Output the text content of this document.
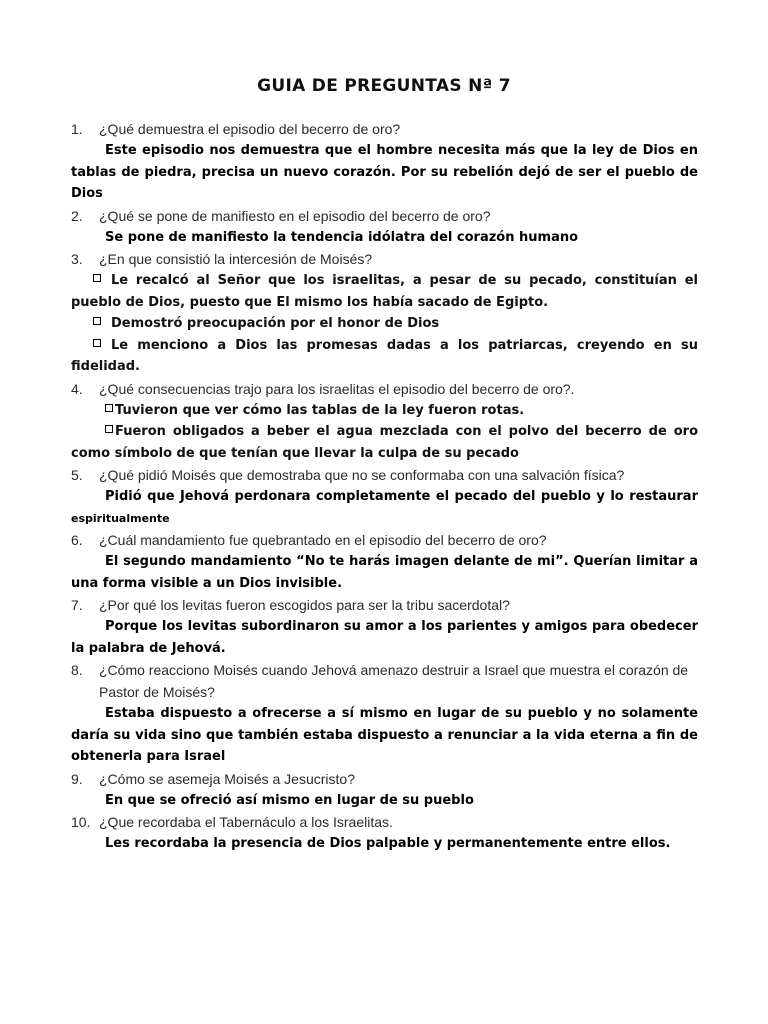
GUIA DE PREGUNTAS Nª 7
1. ¿Qué demuestra el episodio del becerro de oro?
Este episodio nos demuestra que el hombre necesita más que la ley de Dios en tablas de piedra, precisa un nuevo corazón. Por su rebelión dejó de ser el pueblo de Dios
2. ¿Qué se pone de manifiesto en el episodio del becerro de oro?
Se pone de manifiesto la tendencia idólatra del corazón humano
3. ¿En que consistió la intercesión de Moisés?
Le recalcó al Señor que los israelitas, a pesar de su pecado, constituían el pueblo de Dios, puesto que El mismo los había sacado de Egipto.
Demostró preocupación por el honor de Dios
Le menciono a Dios las promesas dadas a los patriarcas, creyendo en su fidelidad.
4. ¿Qué consecuencias trajo para los israelitas el episodio del becerro de oro?.
Tuvieron que ver cómo las tablas de la ley fueron rotas.
Fueron obligados a beber el agua mezclada con el polvo del becerro de oro como símbolo de que tenían que llevar la culpa de su pecado
5. ¿Qué pidió Moisés que demostraba que no se conformaba con una salvación física?
Pidió que Jehová perdonara completamente el pecado del pueblo y lo restaurar espiritualmente
6. ¿Cuál mandamiento fue quebrantado en el episodio del becerro de oro?
El segundo mandamiento “No te harás imagen delante de mi”. Querían limitar a una forma visible a un Dios invisible.
7. ¿Por qué los levitas fueron escogidos para ser la tribu sacerdotal?
Porque los levitas subordinaron su amor a los parientes y amigos para obedecer la palabra de Jehová.
8. ¿Cómo reacciono Moisés cuando Jehová amenazo destruir a Israel que muestra el corazón de Pastor de Moisés?
Estaba dispuesto a ofrecerse a sí mismo en lugar de su pueblo y no solamente daría su vida sino que también estaba dispuesto a renunciar a la vida eterna a fin de obtenerla para Israel
9. ¿Cómo se asemeja Moisés a Jesucristo?
En que se ofreció así mismo en lugar de su pueblo
10. ¿Que recordaba el Tabernáculo a los Israelitas.
Les recordaba la presencia de Dios palpable y permanentemente entre ellos.
